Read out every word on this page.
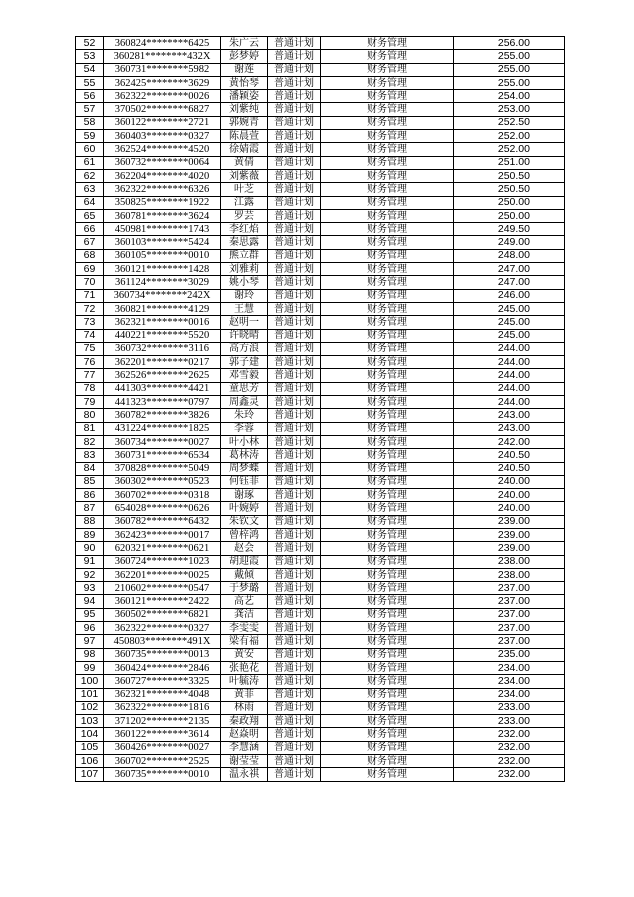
52	360824********6425	朱广云	普通计划	财务管理	256.00
53	360281********432X	彭梦婷	普通计划	财务管理	255.00
54	360731********5982	谢莲	普通计划	财务管理	255.00
55	362425********3629	黄怡琴	普通计划	财务管理	255.00
56	362322********0026	潘颖姿	普通计划	财务管理	254.00
57	370502********6827	刘紫纯	普通计划	财务管理	253.00
58	360122********2721	郭婉青	普通计划	财务管理	252.50
59	360403********0327	陈晨萱	普通计划	财务管理	252.00
60	362524********4520	徐婧霞	普通计划	财务管理	252.00
61	360732********0064	黄倩	普通计划	财务管理	251.00
62	362204********4020	刘紫薇	普通计划	财务管理	250.50
63	362322********6326	叶芝	普通计划	财务管理	250.50
64	350825********1922	江露	普通计划	财务管理	250.00
65	360781********3624	罗芸	普通计划	财务管理	250.00
66	450981********1743	李红焰	普通计划	财务管理	249.50
67	360103********5424	秦思露	普通计划	财务管理	249.00
68	360105********0010	熊立群	普通计划	财务管理	248.00
69	360121********1428	刘雅莉	普通计划	财务管理	247.00
70	361124********3029	姚小琴	普通计划	财务管理	247.00
71	360734********242X	谢玲	普通计划	财务管理	246.00
72	360821********4129	王慧	普通计划	财务管理	245.00
73	362321********0016	赵明一	普通计划	财务管理	245.00
74	440221********5520	许晓晴	普通计划	财务管理	245.00
75	360732********3116	高方浪	普通计划	财务管理	244.00
76	362201********0217	郭子建	普通计划	财务管理	244.00
77	362526********2625	邓雪毅	普通计划	财务管理	244.00
78	441303********4421	童思芳	普通计划	财务管理	244.00
79	441323********0797	周鑫灵	普通计划	财务管理	244.00
80	360782********3826	朱玲	普通计划	财务管理	243.00
81	431224********1825	李蓉	普通计划	财务管理	243.00
82	360734********0027	叶小林	普通计划	财务管理	242.00
83	360731********6534	葛林涛	普通计划	财务管理	240.50
84	370828********5049	周梦蝶	普通计划	财务管理	240.50
85	360302********0523	何钰菲	普通计划	财务管理	240.00
86	360702********0318	谢琢	普通计划	财务管理	240.00
87	654028********0626	叶婉婷	普通计划	财务管理	240.00
88	360782********6432	朱钦文	普通计划	财务管理	239.00
89	362423********0017	曾梓鸿	普通计划	财务管理	239.00
90	620321********0621	赵会	普通计划	财务管理	239.00
91	360724********1023	胡迎霞	普通计划	财务管理	238.00
92	362201********0025	戴倾	普通计划	财务管理	238.00
93	210602********0547	于梦璐	普通计划	财务管理	237.00
94	360121********2422	高艺	普通计划	财务管理	237.00
95	360502********6821	龚洁	普通计划	财务管理	237.00
96	362322********0327	李雯雯	普通计划	财务管理	237.00
97	450803********491X	梁有福	普通计划	财务管理	237.00
98	360735********0013	黄安	普通计划	财务管理	235.00
99	360424********2846	张艳花	普通计划	财务管理	234.00
100	360727********3325	叶毓涛	普通计划	财务管理	234.00
101	362321********4048	黄菲	普通计划	财务管理	234.00
102	362322********1816	林雨	普通计划	财务管理	233.00
103	371202********2135	秦政翔	普通计划	财务管理	233.00
104	360122********3614	赵焱明	普通计划	财务管理	232.00
105	360426********0027	李慧涵	普通计划	财务管理	232.00
106	360702********2525	谢莹莹	普通计划	财务管理	232.00
107	360735********0010	温永祺	普通计划	财务管理	232.00
